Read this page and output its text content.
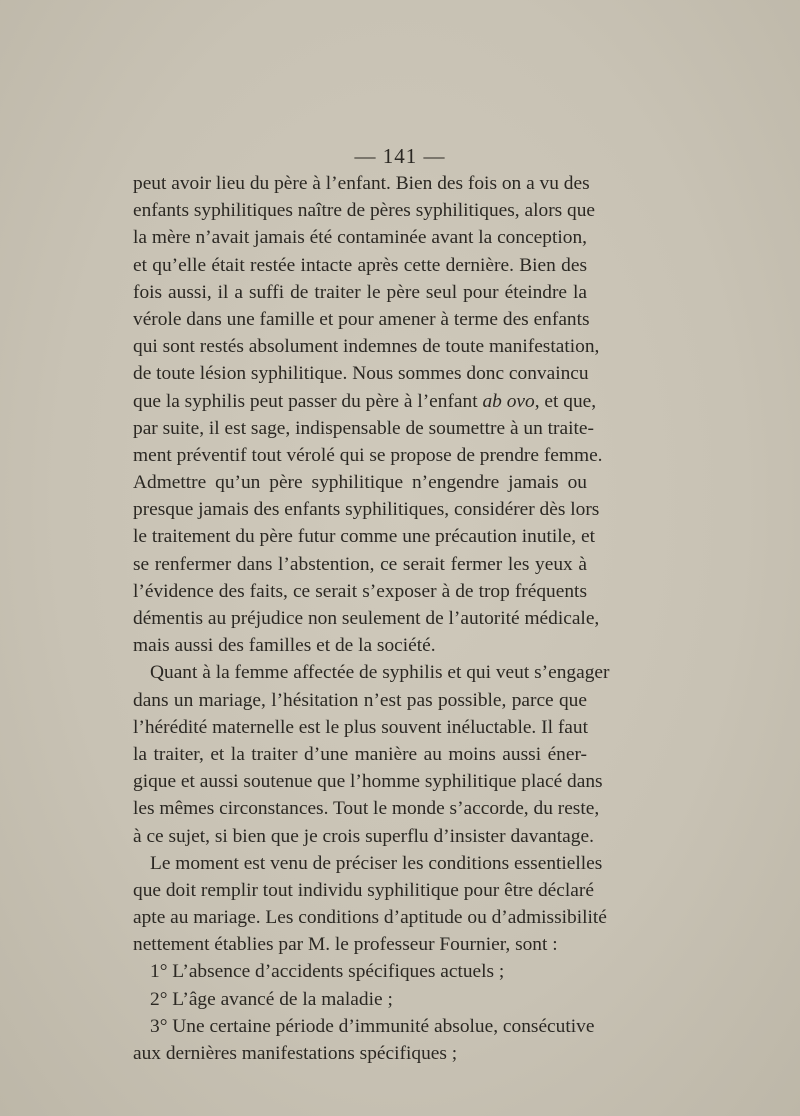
— 141 —
peut avoir lieu du père à l’enfant. Bien des fois on a vu des
enfants syphilitiques naître de pères syphilitiques, alors que
la mère n’avait jamais été contaminée avant la conception,
et qu’elle était restée intacte après cette dernière. Bien des
fois aussi, il a suffi de traiter le père seul pour éteindre la
vérole dans une famille et pour amener à terme des enfants
qui sont restés absolument indemnes de toute manifestation,
de toute lésion syphilitique. Nous sommes donc convaincu
que la syphilis peut passer du père à l’enfant ab ovo, et que,
par suite, il est sage, indispensable de soumettre à un traite-
ment préventif tout vérolé qui se propose de prendre femme.
Admettre qu’un père syphilitique n’engendre jamais ou
presque jamais des enfants syphilitiques, considérer dès lors
le traitement du père futur comme une précaution inutile, et
se renfermer dans l’abstention, ce serait fermer les yeux à
l’évidence des faits, ce serait s’exposer à de trop fréquents
démentis au préjudice non seulement de l’autorité médicale,
mais aussi des familles et de la société.
Quant à la femme affectée de syphilis et qui veut s’engager
dans un mariage, l’hésitation n’est pas possible, parce que
l’hérédité maternelle est le plus souvent inéluctable. Il faut
la traiter, et la traiter d’une manière au moins aussi éner-
gique et aussi soutenue que l’homme syphilitique placé dans
les mêmes circonstances. Tout le monde s’accorde, du reste,
à ce sujet, si bien que je crois superflu d’insister davantage.
Le moment est venu de préciser les conditions essentielles
que doit remplir tout individu syphilitique pour être déclaré
apte au mariage. Les conditions d’aptitude ou d’admissibilité
nettement établies par M. le professeur Fournier, sont :
1° L’absence d’accidents spécifiques actuels ;
2° L’âge avancé de la maladie ;
3° Une certaine période d’immunité absolue, consécutive
aux dernières manifestations spécifiques ;
